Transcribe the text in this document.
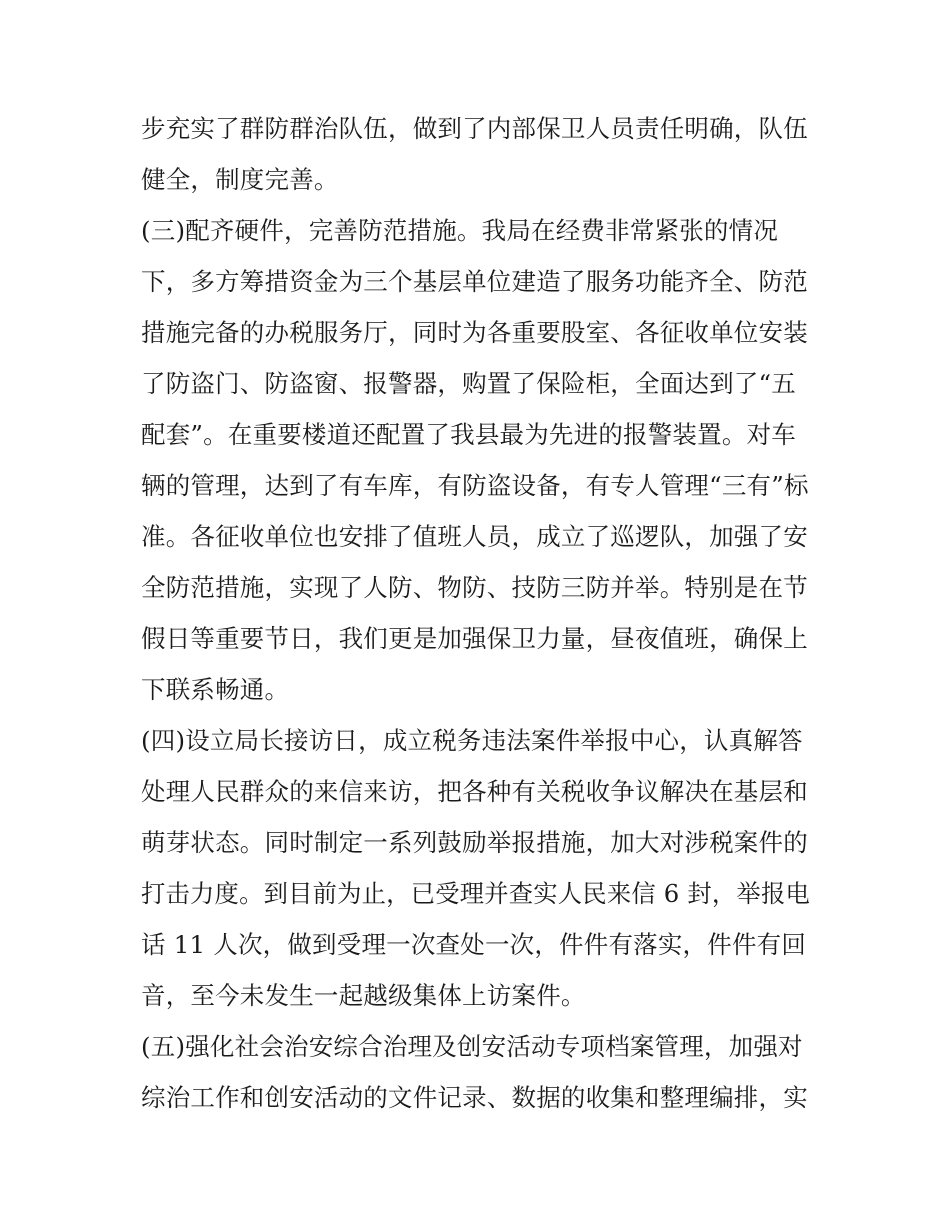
步充实了群防群治队伍，做到了内部保卫人员责任明确，队伍
健全，制度完善。
(三)配齐硬件，完善防范措施。我局在经费非常紧张的情况
下，多方筹措资金为三个基层单位建造了服务功能齐全、防范
措施完备的办税服务厅，同时为各重要股室、各征收单位安装
了防盗门、防盗窗、报警器，购置了保险柜，全面达到了“五
配套”。在重要楼道还配置了我县最为先进的报警装置。对车
辆的管理，达到了有车库，有防盗设备，有专人管理“三有”标
准。各征收单位也安排了值班人员，成立了巡逻队，加强了安
全防范措施，实现了人防、物防、技防三防并举。特别是在节
假日等重要节日，我们更是加强保卫力量，昼夜值班，确保上
下联系畅通。
(四)设立局长接访日，成立税务违法案件举报中心，认真解答
处理人民群众的来信来访，把各种有关税收争议解决在基层和
萌芽状态。同时制定一系列鼓励举报措施，加大对涉税案件的
打击力度。到目前为止，已受理并查实人民来信 6 封，举报电
话 11 人次，做到受理一次查处一次，件件有落实，件件有回
音，至今未发生一起越级集体上访案件。
(五)强化社会治安综合治理及创安活动专项档案管理，加强对
综治工作和创安活动的文件记录、数据的收集和整理编排，实
